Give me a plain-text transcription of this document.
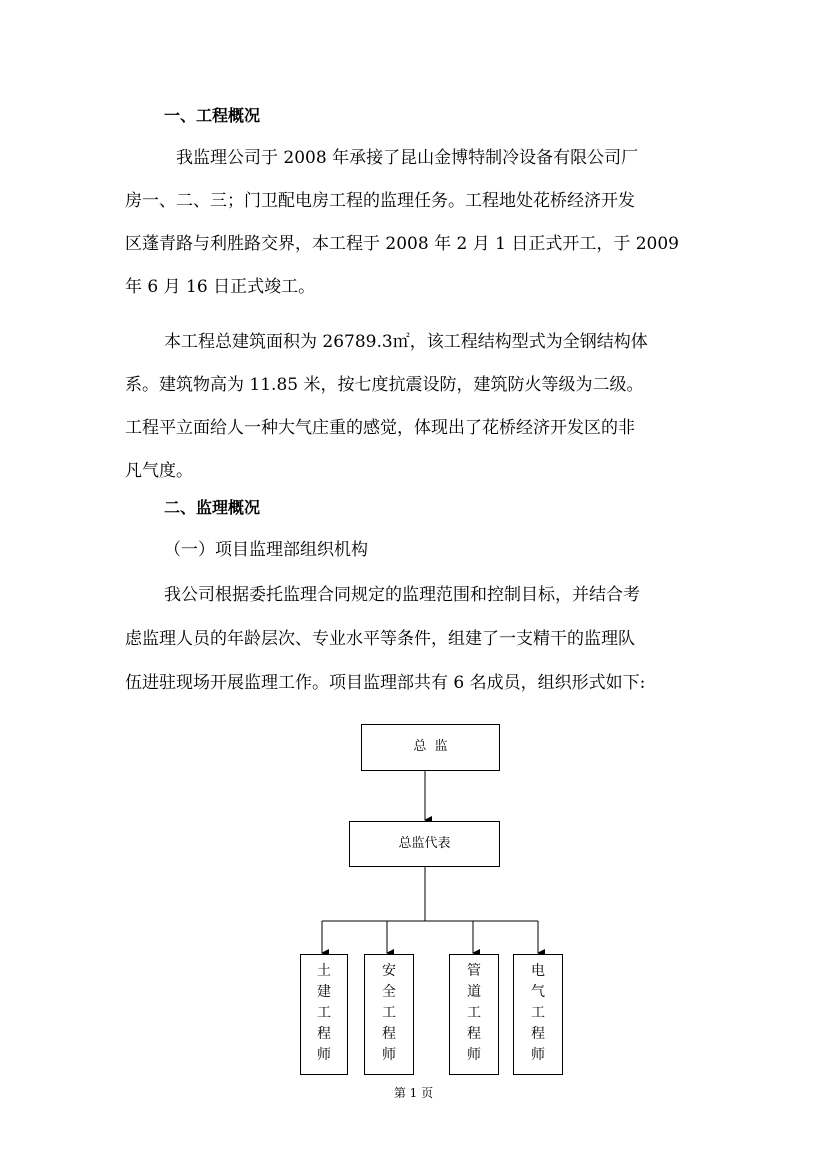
一、工程概况
我监理公司于 2008 年承接了昆山金博特制冷设备有限公司厂
房一、二、三；门卫配电房工程的监理任务。工程地处花桥经济开发
区蓬青路与利胜路交界，本工程于 2008 年 2 月 1 日正式开工，于 2009
年 6 月 16 日正式竣工。
本工程总建筑面积为 26789.3㎡，该工程结构型式为全钢结构体
系。建筑物高为 11.85 米，按七度抗震设防，建筑防火等级为二级。
工程平立面给人一种大气庄重的感觉，体现出了花桥经济开发区的非
凡气度。
二、监理概况
（一）项目监理部组织机构
我公司根据委托监理合同规定的监理范围和控制目标，并结合考
虑监理人员的年龄层次、专业水平等条件，组建了一支精干的监理队
伍进驻现场开展监理工作。项目监理部共有 6 名成员，组织形式如下:
总  监
总监代表
土
建
工
程
师
安
全
工
程
师
管
道
工
程
师
电
气
工
程
师
第 1 页
